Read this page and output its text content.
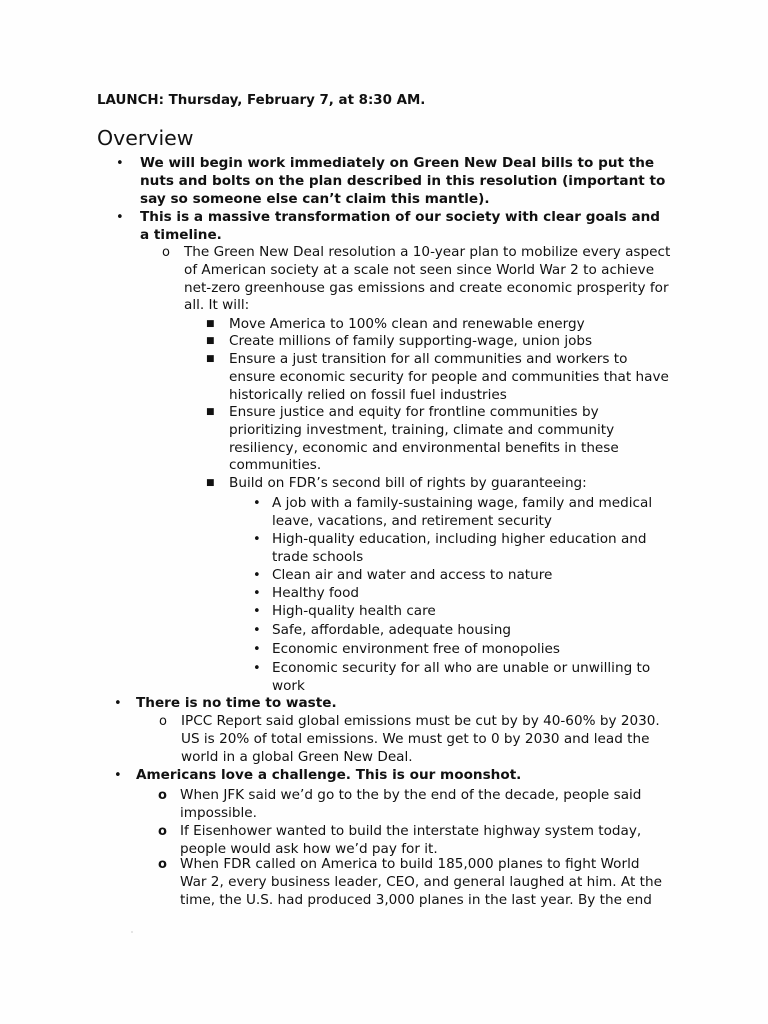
LAUNCH: Thursday, February 7, at 8:30 AM.
Overview
• We will begin work immediately on Green New Deal bills to put the
nuts and bolts on the plan described in this resolution (important to
say so someone else can’t claim this mantle).
• This is a massive transformation of our society with clear goals and
a timeline.
o The Green New Deal resolution a 10-year plan to mobilize every aspect
of American society at a scale not seen since World War 2 to achieve
net-zero greenhouse gas emissions and create economic prosperity for
all. It will:
■ Move America to 100% clean and renewable energy
■ Create millions of family supporting-wage, union jobs
■ Ensure a just transition for all communities and workers to
ensure economic security for people and communities that have
historically relied on fossil fuel industries
■ Ensure justice and equity for frontline communities by
prioritizing investment, training, climate and community
resiliency, economic and environmental benefits in these
communities.
■ Build on FDR’s second bill of rights by guaranteeing:
• A job with a family-sustaining wage, family and medical
leave, vacations, and retirement security
• High-quality education, including higher education and
trade schools
• Clean air and water and access to nature
• Healthy food
• High-quality health care
• Safe, affordable, adequate housing
• Economic environment free of monopolies
• Economic security for all who are unable or unwilling to
work
• There is no time to waste.
o IPCC Report said global emissions must be cut by by 40-60% by 2030.
US is 20% of total emissions. We must get to 0 by 2030 and lead the
world in a global Green New Deal.
• Americans love a challenge. This is our moonshot.
o When JFK said we’d go to the by the end of the decade, people said
impossible.
o If Eisenhower wanted to build the interstate highway system today,
people would ask how we’d pay for it.
o When FDR called on America to build 185,000 planes to fight World
War 2, every business leader, CEO, and general laughed at him. At the
time, the U.S. had produced 3,000 planes in the last year. By the end
